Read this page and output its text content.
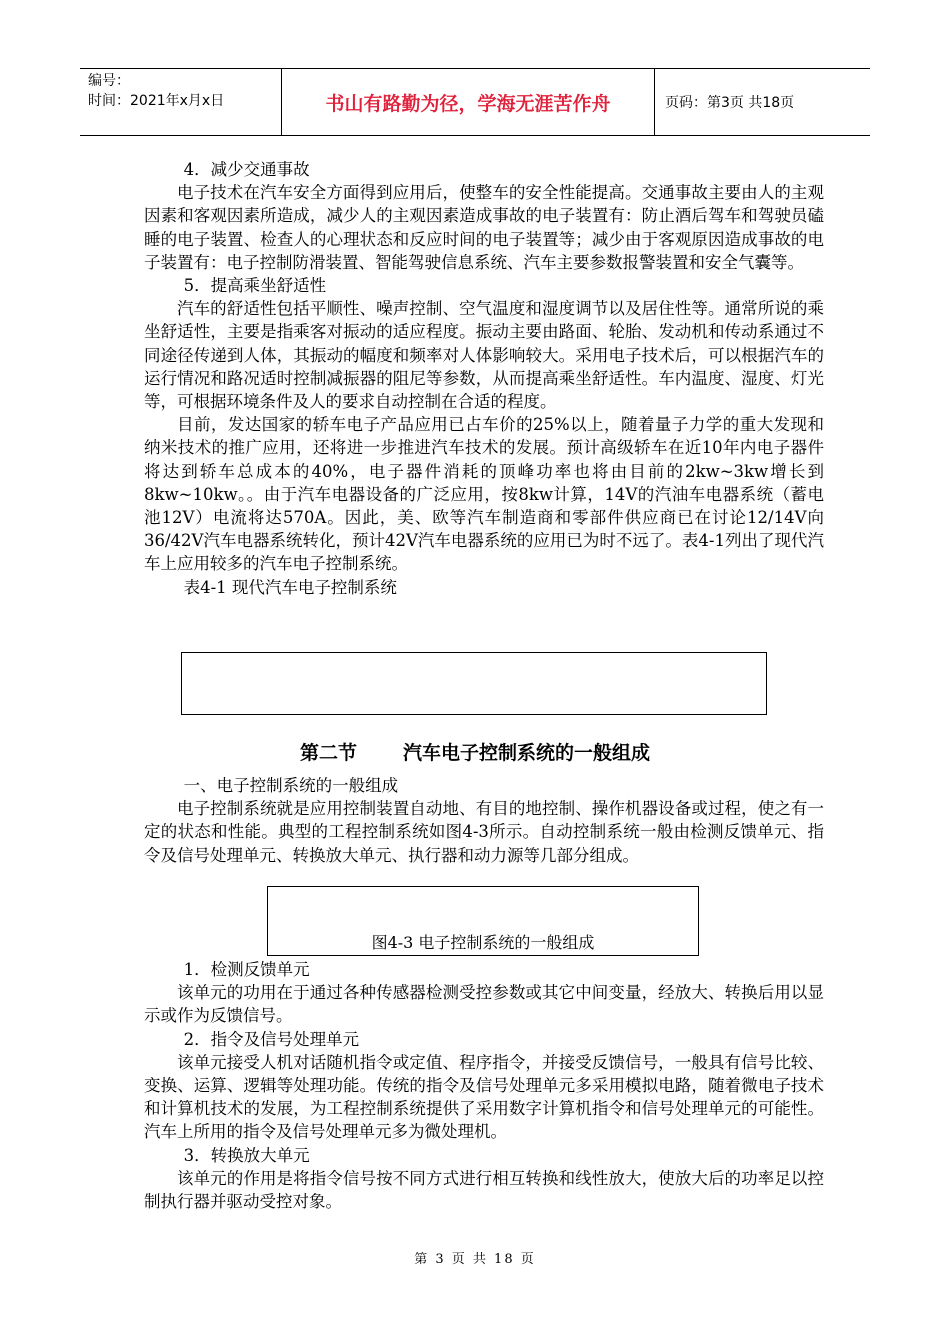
编号：
时间：2021年x月x日	书山有路勤为径，学海无涯苦作舟	页码：第3页 共18页

4．减少交通事故

电子技术在汽车安全方面得到应用后，使整车的安全性能提高。交通事故主要由人的主观因素和客观因素所造成，减少人的主观因素造成事故的电子装置有：防止酒后驾车和驾驶员磕睡的电子装置、检查人的心理状态和反应时间的电子装置等；减少由于客观原因造成事故的电子装置有：电子控制防滑装置、智能驾驶信息系统、汽车主要参数报警装置和安全气囊等。

5．提高乘坐舒适性

汽车的舒适性包括平顺性、噪声控制、空气温度和湿度调节以及居住性等。通常所说的乘坐舒适性，主要是指乘客对振动的适应程度。振动主要由路面、轮胎、发动机和传动系通过不同途径传递到人体，其振动的幅度和频率对人体影响较大。采用电子技术后，可以根据汽车的运行情况和路况适时控制减振器的阻尼等参数，从而提高乘坐舒适性。车内温度、湿度、灯光等，可根据环境条件及人的要求自动控制在合适的程度。

目前，发达国家的轿车电子产品应用已占车价的25%以上，随着量子力学的重大发现和纳米技术的推广应用，还将进一步推进汽车技术的发展。预计高级轿车在近10年内电子器件将达到轿车总成本的40%，电子器件消耗的顶峰功率也将由目前的2kw~3kw增长到8kw~10kw。。由于汽车电器设备的广泛应用，按8kw计算，14V的汽油车电器系统（蓄电池12V）电流将达570A。因此，美、欧等汽车制造商和零部件供应商已在讨论12/14V向36/42V汽车电器系统转化，预计42V汽车电器系统的应用已为时不远了。表4-1列出了现代汽车上应用较多的汽车电子控制系统。

表4-1 现代汽车电子控制系统

第二节 汽车电子控制系统的一般组成

一、电子控制系统的一般组成

电子控制系统就是应用控制装置自动地、有目的地控制、操作机器设备或过程，使之有一定的状态和性能。典型的工程控制系统如图4-3所示。自动控制系统一般由检测反馈单元、指令及信号处理单元、转换放大单元、执行器和动力源等几部分组成。

图4-3 电子控制系统的一般组成

1．检测反馈单元

该单元的功用在于通过各种传感器检测受控参数或其它中间变量，经放大、转换后用以显示或作为反馈信号。

2．指令及信号处理单元

该单元接受人机对话随机指令或定值、程序指令，并接受反馈信号，一般具有信号比较、变换、运算、逻辑等处理功能。传统的指令及信号处理单元多采用模拟电路，随着微电子技术和计算机技术的发展，为工程控制系统提供了采用数字计算机指令和信号处理单元的可能性。汽车上所用的指令及信号处理单元多为微处理机。

3．转换放大单元

该单元的作用是将指令信号按不同方式进行相互转换和线性放大，使放大后的功率足以控制执行器并驱动受控对象。

第 3 页 共 18 页
